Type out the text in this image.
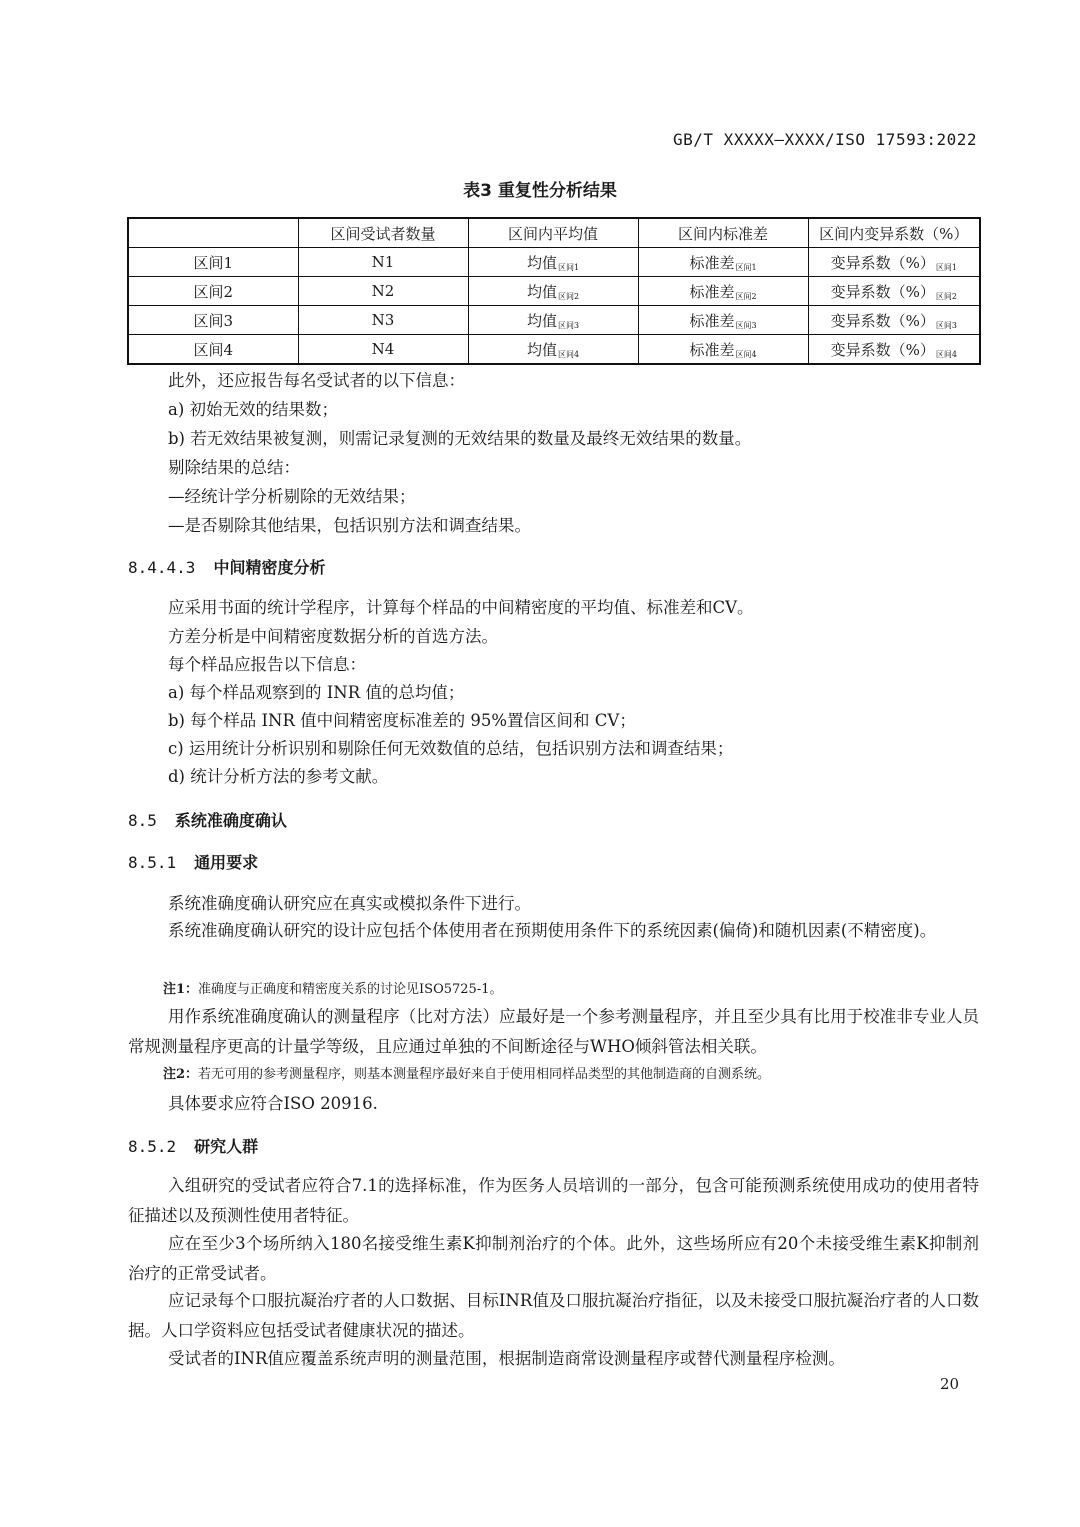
GB/T XXXXX—XXXX/ISO 17593:2022
表3 重复性分析结果
	区间受试者数量	区间内平均值	区间内标准差	区间内变异系数（%）
区间1	N1	均值$_{区间1}$	标准差$_{区间1}$	变异系数$(\%)_{区间1}$
区间2	N2	均值$_{区间2}$	标准差$_{区间2}$	变异系数$(\%)_{区间2}$
区间3	N3	均值$_{区间3}$	标准差$_{区间3}$	变异系数$(\%)_{区间3}$
区间4	N4	均值$_{区间4}$	标准差$_{区间4}$	变异系数$(\%)_{区间4}$
此外，还应报告每名受试者的以下信息：
a) 初始无效的结果数；
b) 若无效结果被复测，则需记录复测的无效结果的数量及最终无效结果的数量。
剔除结果的总结：
—经统计学分析剔除的无效结果；
—是否剔除其他结果，包括识别方法和调查结果。
8.4.4.3 中间精密度分析
应采用书面的统计学程序，计算每个样品的中间精密度的平均值、标准差和CV。
方差分析是中间精密度数据分析的首选方法。
每个样品应报告以下信息：
a) 每个样品观察到的 INR 值的总均值；
b) 每个样品 INR 值中间精密度标准差的 95%置信区间和 CV；
c) 运用统计分析识别和剔除任何无效数值的总结，包括识别方法和调查结果；
d) 统计分析方法的参考文献。
8.5 系统准确度确认
8.5.1 通用要求
系统准确度确认研究应在真实或模拟条件下进行。
系统准确度确认研究的设计应包括个体使用者在预期使用条件下的系统因素(偏倚)和随机因素(不精密度)。
注1：准确度与正确度和精密度关系的讨论见ISO5725-1。
用作系统准确度确认的测量程序（比对方法）应最好是一个参考测量程序，并且至少具有比用于校准非专业人员常规测量程序更高的计量学等级，且应通过单独的不间断途径与WHO倾斜管法相关联。
注2：若无可用的参考测量程序，则基本测量程序最好来自于使用相同样品类型的其他制造商的自测系统。
具体要求应符合ISO 20916.
8.5.2 研究人群
入组研究的受试者应符合7.1的选择标准，作为医务人员培训的一部分，包含可能预测系统使用成功的使用者特征描述以及预测性使用者特征。
应在至少3个场所纳入180名接受维生素K抑制剂治疗的个体。此外，这些场所应有20个未接受维生素K抑制剂治疗的正常受试者。
应记录每个口服抗凝治疗者的人口数据、目标INR值及口服抗凝治疗指征，以及未接受口服抗凝治疗者的人口数据。人口学资料应包括受试者健康状况的描述。
受试者的INR值应覆盖系统声明的测量范围，根据制造商常设测量程序或替代测量程序检测。
20
